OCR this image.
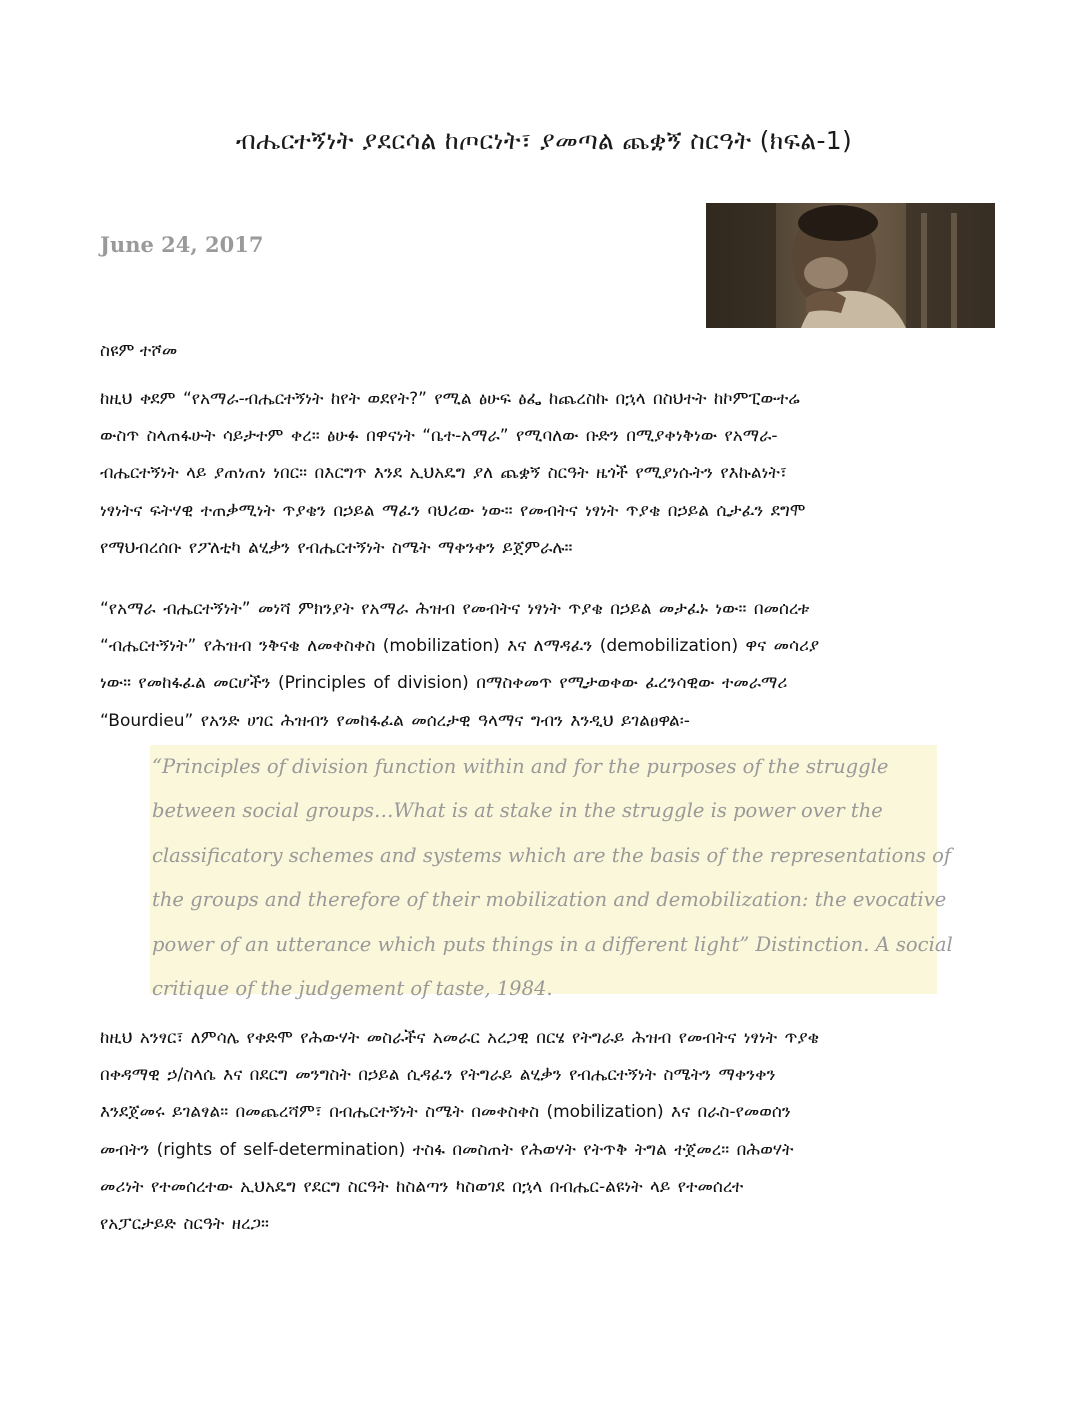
ብሔርተኝነት ያደርሳል ከጦርነት፣ ያመጣል ጨቋኝ ስርዓት (ክፍል-1)
June 24, 2017
ስዩም ተሾመ
ከዚህ ቀደም “የአማራ-ብሔርተኝነት ከየት ወደየት?” የሚል ፅሁፍ ፅፌ ከጨረስኩ በኋላ በስህተት ከኮምፒውተሬ
ውስጥ ስላጠፋሁት ሳይታተም ቀረ። ፅሁፉ በዋናነት “ቤተ-አማራ” የሚባለው ቡድን በሚያቀነቅነው የአማራ-
ብሔርተኝነት ላይ ያጠነጠነ ነበር። በእርግጥ እንደ ኢህአዴግ ያለ ጨቋኝ ስርዓት ዜጎች የሚያነሱትን የእኩልነት፣
ነፃነትና ፍትሃዊ ተጠቃሚነት ጥያቄን በኃይል ማፈን ባህሪው ነው። የመብትና ነፃነት ጥያቄ በኃይል ሲታፈን ደግሞ
የማህብረሰቡ የፖለቲካ ልሂቃን የብሔርተኝነት ስሜት ማቀንቀን ይጀምራሉ።
“የአማራ ብሔርተኝነት” መነሻ ምክንያት የአማራ ሕዝብ የመብትና ነፃነት ጥያቄ በኃይል መታፈኑ ነው። በመሰረቱ
“ብሔርተኝነት” የሕዝብ ንቅናቄ ለመቀስቀስ (mobilization) እና ለማዳፈን (demobilization) ዋና መሳሪያ
ነው። የመከፋፈል መርሆችን (Principles of division) በማስቀመጥ የሚታወቀው ፈረንሳዊው ተመራማሪ
“Bourdieu” የአንድ ሀገር ሕዝብን የመከፋፈል መሰረታዊ ዓላማና ግብን እንዲህ ይገልፀዋል፡-
“Principles of division function within and for the purposes of the struggle
between social groups…What is at stake in the struggle is power over the
classificatory schemes and systems which are the basis of the representations of
the groups and therefore of their mobilization and demobilization: the evocative
power of an utterance which puts things in a different light” Distinction. A social
critique of the judgement of taste, 1984.
ከዚህ አንፃር፣ ለምሳሌ የቀድሞ የሕውሃት መስራችና አመራር አረጋዊ በርሄ የትግራይ ሕዝብ የመብትና ነፃነት ጥያቄ
በቀዳማዊ ኃ/ስላሴ እና በደርግ መንግስት በኃይል ሲዳፈን የትግራይ ልሂቃን የብሔርተኝነት ስሜትን ማቀንቀን
እንደጀመሩ ይገልፃል። በመጨረሻም፣ በብሔርተኝነት ስሜት በመቀስቀስ (mobilization) እና በራስ-የመወሰን
መብትን (rights of self-determination) ተስፋ በመስጠት የሕወሃት የትጥቅ ትግል ተጀመረ። በሕወሃት
መሪነት የተመሰረተው ኢህአዴግ የደርግ ስርዓት ከስልጣን ካስወገደ በኋላ በብሔር-ልዩነት ላይ የተመሰረተ
የአፓርታይድ ስርዓት ዘረጋ።
